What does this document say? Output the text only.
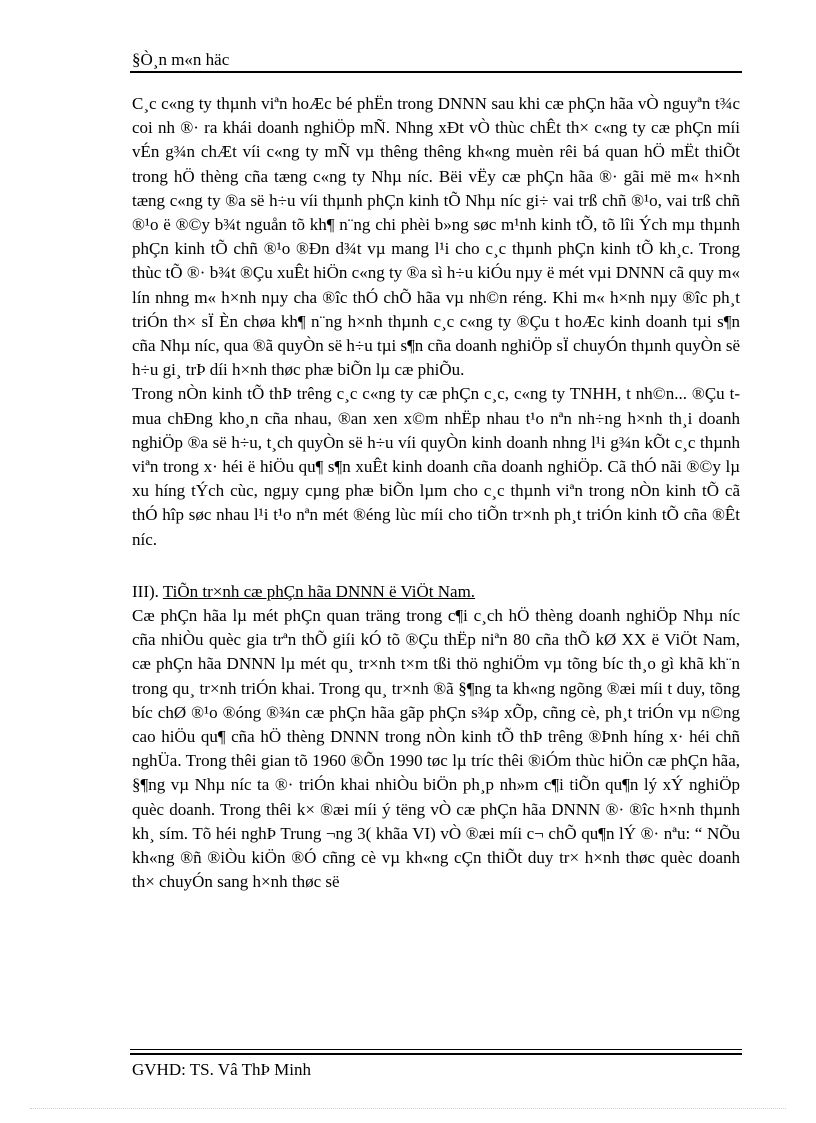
§Ò¸n m«n häc

C¸c c«ng ty thµnh viªn hoÆc bé phËn trong DNNN sau khi cæ phÇn hãa vÒ nguyªn t¾c coi nh ®· ra khái doanh nghiÖp mÑ. Nhng xÐt vÒ thùc chÊt th× c«ng ty cæ phÇn míi vÉn g¾n chÆt víi c«ng ty mÑ vµ thêng thêng kh«ng muèn rêi bá quan hÖ mËt thiÕt trong hÖ thèng cña tæng c«ng ty Nhµ níc. Bëi vËy cæ phÇn hãa ®· gãi më m« h×nh tæng c«ng ty ®a së h÷u víi thµnh phÇn kinh tÕ Nhµ níc gi÷ vai trß chñ ®¹o, vai trß chñ ®¹o ë ®©y b¾t nguån tõ kh¶ n¨ng chi phèi b»ng søc m¹nh kinh tÕ, tõ lîi Ých mµ thµnh phÇn kinh tÕ chñ ®¹o ®Ðn d¾t vµ mang l¹i cho c¸c thµnh phÇn kinh tÕ kh¸c. Trong thùc tÕ ®· b¾t ®Çu xuÊt hiÖn c«ng ty ®a sì h÷u kiÓu nµy ë mét vµi DNNN cã quy m« lín nhng m« h×nh nµy cha ®îc thÓ chÕ hãa vµ nh©n réng. Khi m« h×nh nµy ®îc ph¸t triÓn th× sÏ Èn chøa kh¶ n¨ng h×nh thµnh c¸c c«ng ty ®Çu t hoÆc kinh doanh tµi s¶n cña Nhµ níc, qua ®ã quyÒn së h÷u tµi s¶n cña doanh nghiÖp sÏ chuyÓn thµnh quyÒn së h÷u gi¸ trÞ díi h×nh thøc phæ biÕn lµ cæ phiÕu.

Trong nÒn kinh tÕ thÞ trêng c¸c c«ng ty cæ phÇn c¸c, c«ng ty TNHH, t nh©n... ®Çu t mua chÐng kho¸n cña nhau, ®an xen x©m nhËp nhau t¹o nªn nh÷ng h×nh th¸i doanh nghiÖp ®a së h÷u, t¸ch quyÒn së h÷u víi quyÒn kinh doanh nhng l¹i g¾n kÕt c¸c thµnh viªn trong x· héi ë hiÖu qu¶ s¶n xuÊt kinh doanh cña doanh nghiÖp. Cã thÓ nãi ®©y lµ xu híng tÝch cùc, ngµy cµng phæ biÕn lµm cho c¸c thµnh viªn trong nÒn kinh tÕ cã thÓ hîp søc nhau l¹i t¹o nªn mét ®éng lùc míi cho tiÕn tr×nh ph¸t triÓn kinh tÕ cña ®Êt níc.

III). TiÕn tr×nh cæ phÇn hãa DNNN ë ViÖt Nam.

Cæ phÇn hãa lµ mét phÇn quan träng trong c¶i c¸ch hÖ thèng doanh nghiÖp Nhµ níc cña nhiÒu quèc gia trªn thÕ giíi kÓ tõ ®Çu thËp niªn 80 cña thÕ kØ XX ë ViÖt Nam, cæ phÇn hãa DNNN lµ mét qu¸ tr×nh t×m tßi thö nghiÖm vµ tõng bíc th¸o gì khã kh¨n trong qu¸ tr×nh triÓn khai. Trong qu¸ tr×nh ®ã §¶ng ta kh«ng ngõng ®æi míi t duy, tõng bíc chØ ®¹o ®óng ®¾n cæ phÇn hãa gãp phÇn s¾p xÕp, cñng cè, ph¸t triÓn vµ n©ng cao hiÖu qu¶ cña hÖ thèng DNNN trong nÒn kinh tÕ thÞ trêng ®Þnh híng x· héi chñ nghÜa. Trong thêi gian tõ 1960 ®Õn 1990 tøc lµ tríc thêi ®iÓm thùc hiÖn cæ phÇn hãa, §¶ng vµ Nhµ níc ta ®· triÓn khai nhiÒu biÖn ph¸p nh»m c¶i tiÕn qu¶n lý xÝ nghiÖp quèc doanh. Trong thêi k× ®æi míi ý tëng vÒ cæ phÇn hãa DNNN ®· ®îc h×nh thµnh kh¸ sím. Tõ héi nghÞ Trung ¬ng 3( khãa VI) vÒ ®æi míi c¬ chÕ qu¶n lÝ ®· nªu: “ NÕu kh«ng ®ñ ®iÒu kiÖn ®Ó cñng cè vµ kh«ng cÇn thiÕt duy tr× h×nh thøc quèc doanh th× chuyÓn sang h×nh thøc së

GVHD: TS. Vâ ThÞ Minh
